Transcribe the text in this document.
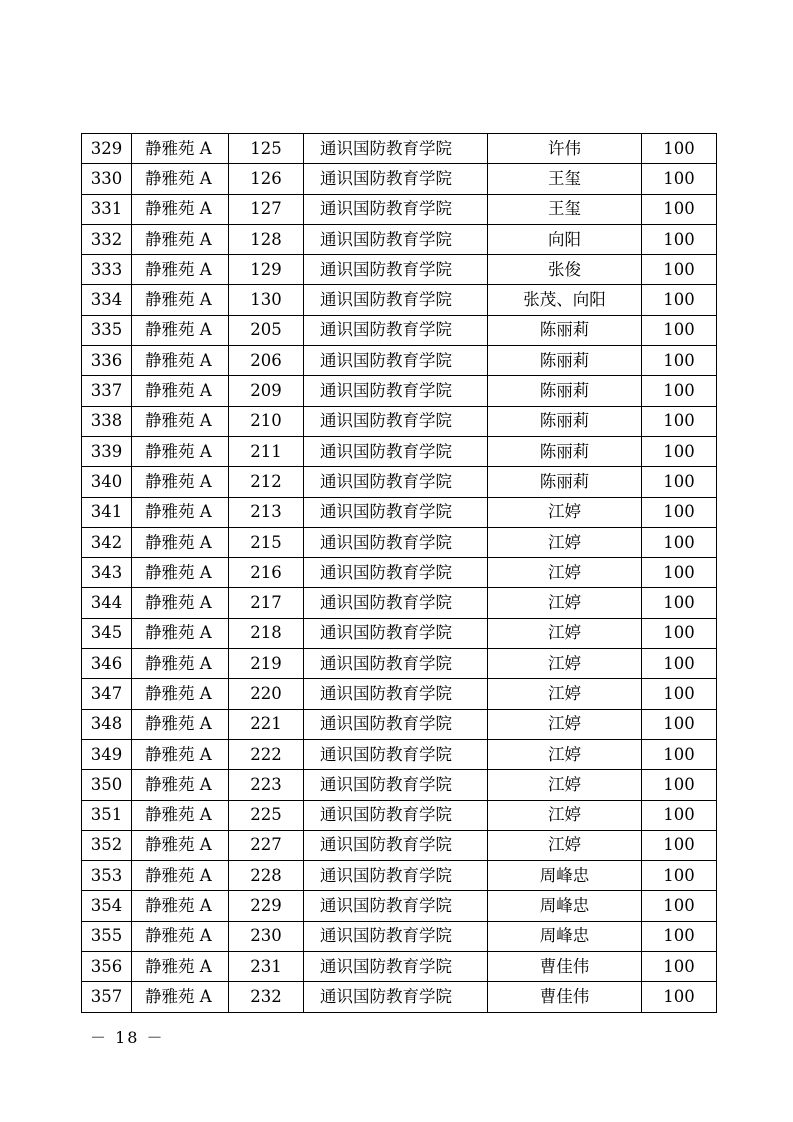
329	静雅苑 A	125	通识国防教育学院	许伟	100
330	静雅苑 A	126	通识国防教育学院	王玺	100
331	静雅苑 A	127	通识国防教育学院	王玺	100
332	静雅苑 A	128	通识国防教育学院	向阳	100
333	静雅苑 A	129	通识国防教育学院	张俊	100
334	静雅苑 A	130	通识国防教育学院	张茂、向阳	100
335	静雅苑 A	205	通识国防教育学院	陈丽莉	100
336	静雅苑 A	206	通识国防教育学院	陈丽莉	100
337	静雅苑 A	209	通识国防教育学院	陈丽莉	100
338	静雅苑 A	210	通识国防教育学院	陈丽莉	100
339	静雅苑 A	211	通识国防教育学院	陈丽莉	100
340	静雅苑 A	212	通识国防教育学院	陈丽莉	100
341	静雅苑 A	213	通识国防教育学院	江婷	100
342	静雅苑 A	215	通识国防教育学院	江婷	100
343	静雅苑 A	216	通识国防教育学院	江婷	100
344	静雅苑 A	217	通识国防教育学院	江婷	100
345	静雅苑 A	218	通识国防教育学院	江婷	100
346	静雅苑 A	219	通识国防教育学院	江婷	100
347	静雅苑 A	220	通识国防教育学院	江婷	100
348	静雅苑 A	221	通识国防教育学院	江婷	100
349	静雅苑 A	222	通识国防教育学院	江婷	100
350	静雅苑 A	223	通识国防教育学院	江婷	100
351	静雅苑 A	225	通识国防教育学院	江婷	100
352	静雅苑 A	227	通识国防教育学院	江婷	100
353	静雅苑 A	228	通识国防教育学院	周峰忠	100
354	静雅苑 A	229	通识国防教育学院	周峰忠	100
355	静雅苑 A	230	通识国防教育学院	周峰忠	100
356	静雅苑 A	231	通识国防教育学院	曹佳伟	100
357	静雅苑 A	232	通识国防教育学院	曹佳伟	100
－ 18 －
